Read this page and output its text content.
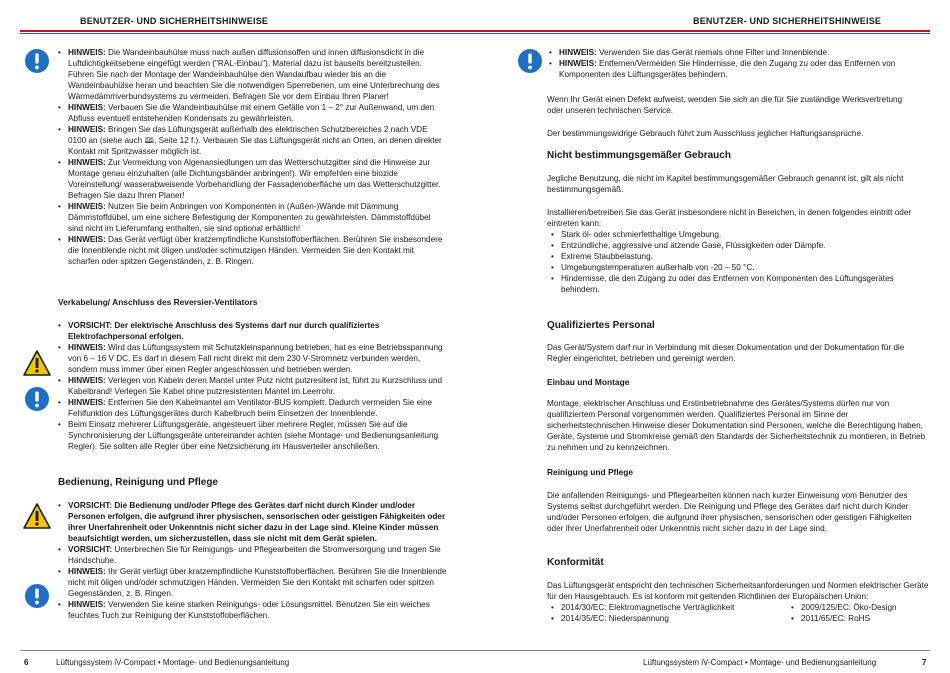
BENUTZER- UND SICHERHEITSHINWEISE
• HINWEIS: Die Wandeinbauhülse muss nach außen diffusionsoffen und innen diffusionsdicht in die Luftdichtigkeitsebene eingefügt werden ("RAL-Einbau"). Material dazu ist bauseits bereitzustellen. Führen Sie nach der Montage der Wandeinbauhülse den Wandaufbau wieder bis an die Wandeinbauhülse heran und beachten Sie die notwendigen Sperrebenen, um eine Unterbrechung des Wärmedämmverbundsystems zu vermeiden. Befragen Sie vor dem Einbau Ihren Planer!
• HINWEIS: Verbauen Sie die Wandeinbauhülse mit einem Gefälle von 1 – 2° zur Außenwand, um den Abfluss eventuell entstehenden Kondensats zu gewährleisten.
• HINWEIS: Bringen Sie das Lüftungsgerät außerhalb des elektrischen Schutzbereiches 2 nach VDE 0100 an (siehe auch 🕮, Seite 12 f.). Verbauen Sie das Lüftungsgerät nicht an Orten, an denen direkter Kontakt mit Spritzwasser möglich ist.
• HINWEIS: Zur Vermeidung von Algenansiedlungen um das Wetterschutzgitter sind die Hinweise zur Montage genau einzuhalten (alle Dichtungsbänder anbringen!). Wir empfehlen eine biozide Voreinstellung/ wasserabweisende Vorbehandlung der Fassadenoberfläche um das Wetterschutzgitter. Befragen Sie dazu Ihren Planer!
• HINWEIS: Nutzen Sie beim Anbringen von Komponenten in (Außen-)Wände mit Dämmung Dämmstoffdübel, um eine sichere Befestigung der Komponenten zu gewährleisten. Dämmstoffdübel sind nicht im Lieferumfang enthalten, sie sind optional erhältlich!
• HINWEIS: Das Gerät verfügt über kratzempfindliche Kunststoffoberflächen. Berühren Sie insbesondere die Innenblende nicht mit öligen und/oder schmutzigen Händen. Vermeiden Sie den Kontakt mit scharfen oder spitzen Gegenständen, z. B. Ringen.
Verkabelung/ Anschluss des Reversier-Ventilators
• VORSICHT: Der elektrische Anschluss des Systems darf nur durch qualifiziertes Elektrofachpersonal erfolgen.
• HINWEIS: Wird das Lüftungssystem mit Schutzkleinspannung betrieben, hat es eine Betriebsspannung von 6 – 16 V DC. Es darf in diesem Fall nicht direkt mit dem 230 V-Stromnetz verbunden werden, sondern muss immer über einen Regler angeschlossen und betrieben werden.
• HINWEIS: Verlegen von Kabeln deren Mantel unter Putz nicht putzresitent ist, führt zu Kurzschluss und Kabelbrand! Verlegen Sie Kabel ohne putzresistenten Mantel im Leerrohr.
• HINWEIS: Entfernen Sie den Kabelmantel am Ventilator-BUS komplett. Dadurch vermeiden Sie eine Fehlfunktion des Lüftungsgerätes durch Kabelbruch beim Einsetzen der Innenblende.
• Beim Einsatz mehrerer Lüftungsgeräte, angesteuert über mehrere Regler, müssen Sie auf die Synchronisierung der Lüftungsgeräte untereinander achten (siehe Montage- und Bedienungsanleitung Regler). Sie sollten alle Regler über eine Netzsicherung im Hausverteiler anschließen.
Bedienung, Reinigung und Pflege
• VORSICHT: Die Bedienung und/oder Pflege des Gerätes darf nicht durch Kinder und/oder Personen erfolgen, die aufgrund ihrer physischen, sensorischen oder geistigen Fähigkeiten oder ihrer Unerfahrenheit oder Unkenntnis nicht sicher dazu in der Lage sind. Kleine Kinder müssen beaufsichtigt werden, um sicherzustellen, dass sie nicht mit dem Gerät spielen.
• VORSICHT: Unterbrechen Sie für Reinigungs- und Pflegearbeiten die Stromversorgung und tragen Sie Handschuhe.
• HINWEIS: Ihr Gerät verfügt über kratzempfindliche Kunststoffoberflächen. Berühren Sie die Innenblende nicht mit öligen und/oder schmutzigen Händen. Vermeiden Sie den Kontakt mit scharfen oder spitzen Gegenständen, z. B. Ringen.
• HINWEIS: Verwenden Sie keine starken Reinigungs- oder Lösungsmittel. Benutzen Sie ein weiches feuchtes Tuch zur Reinigung der Kunststoffoberflächen.
6	Lüftungssystem iV-Compact • Montage- und Bedienungsanleitung
BENUTZER- UND SICHERHEITSHINWEISE
• HINWEIS: Verwenden Sie das Gerät niemals ohne Filter und Innenblende.
• HINWEIS: Entfernen/Vermeiden Sie Hindernisse, die den Zugang zu oder das Entfernen von Komponenten des Lüftungsgerätes behindern.
Wenn Ihr Gerät einen Defekt aufweist, wenden Sie sich an die für Sie zuständige Werksvertretung oder unseren technischen Service.
Der bestimmungswidrige Gebrauch führt zum Ausschluss jeglicher Haftungsansprüche.
Nicht bestimmungsgemäßer Gebrauch
Jegliche Benutzung, die nicht im Kapitel bestimmungsgemäßer Gebrauch genannt ist, gilt als nicht bestimmungsgemäß.
Installieren/betreiben Sie das Gerät insbesondere nicht in Bereichen, in denen folgendes eintritt oder eintreten kann:
• Stark öl- oder schmierfetthaltige Umgebung.
• Entzündliche, aggressive und ätzende Gase, Flüssigkeiten oder Dämpfe.
• Extreme Staubbelastung.
• Umgebungstemperaturen außerhalb von -20 – 50 °C.
• Hindernisse, die den Zugang zu oder das Entfernen von Komponenten des Lüftungsgerätes behindern.
Qualifiziertes Personal
Das Gerät/System darf nur in Verbindung mit dieser Dokumentation und der Dokumentation für die Regler eingerichtet, betrieben und gereinigt werden.
Einbau und Montage
Montage, elektrischer Anschluss und Erstinbetriebnahme des Gerätes/Systems dürfen nur von qualifiziertem Personal vorgenommen werden. Qualifiziertes Personal im Sinne der sicherheitstechnischen Hinweise dieser Dokumentation sind Personen, welche die Berechtigung haben, Geräte, Systeme und Stromkreise gemäß den Standards der Sicherheitstechnik zu montieren, in Betrieb zu nehmen und zu kennzeichnen.
Reinigung und Pflege
Die anfallenden Reinigungs- und Pflegearbeiten können nach kurzer Einweisung vom Benutzer des Systems selbst durchgeführt werden. Die Reinigung und Pflege des Gerätes darf nicht durch Kinder und/oder Personen erfolgen, die aufgrund ihrer physischen, sensorischen oder geistigen Fähigkeiten oder ihrer Unerfahrenheit oder Unkenntnis nicht sicher dazu in der Lage sind.
Konformität
Das Lüftungsgerät entspricht den technischen Sicherheitsanforderungen und Normen elektrischer Geräte für den Hausgebrauch. Es ist konform mit geltenden Richtlinien der Europäischen Union:
• 2014/30/EC: Elektromagnetische Verträglichkeit
• 2014/35/EC: Niederspannung
• 2009/125/EC: Öko-Design
• 2011/65/EC: RoHS
Lüftungssystem iV-Compact • Montage- und Bedienungsanleitung	7
